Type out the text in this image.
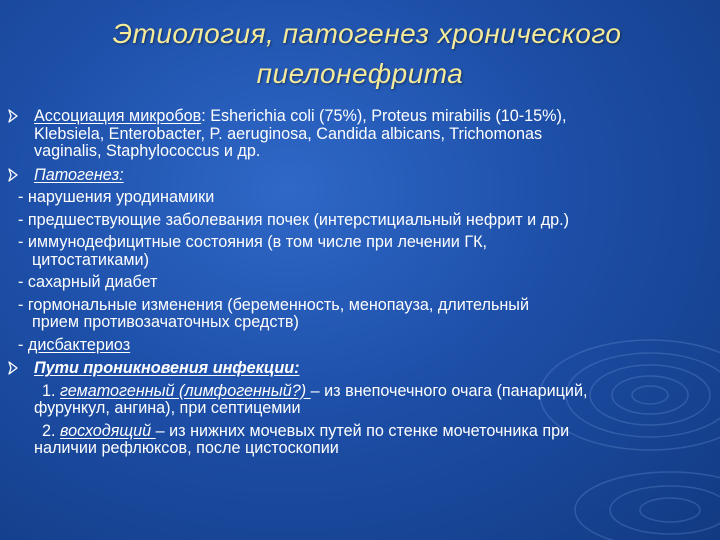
Этиология, патогенез хронического
пиелонефрита
Ассоциация микробов: Esherichia coli (75%), Proteus mirabilis (10-15%),
Klebsiela, Enterobacter, P. aeruginosa, Candida albicans, Trichomonas
vaginalis, Staphylococcus и др.
Патогенез:
- нарушения уродинамики
- предшествующие заболевания почек (интерстициальный нефрит и др.)
- иммунодефицитные состояния (в том числе при лечении ГК,
цитостатиками)
- сахарный диабет
- гормональные изменения (беременность, менопауза, длительный
прием противозачаточных средств)
- дисбактериоз
Пути проникновения инфекции:
1. гематогенный (лимфогенный?) – из внепочечного очага (панариций,
фурункул, ангина), при септицемии
2. восходящий – из нижних мочевых путей по стенке мочеточника при
наличии рефлюксов, после цистоскопии
